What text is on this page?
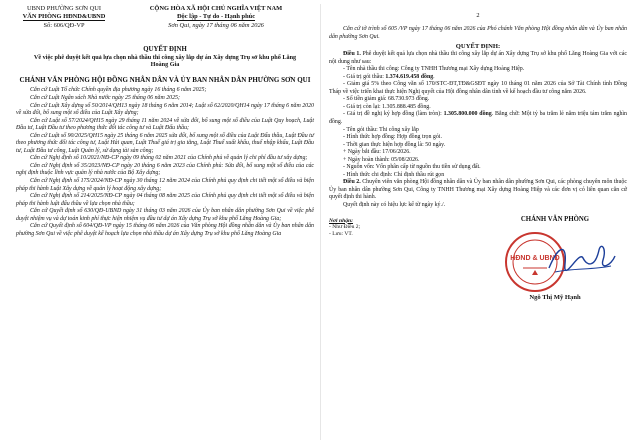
UBND PHƯỜNG SƠN QUI
VĂN PHÒNG HĐND&UBND
Số: 606/QĐ-VP
CỘNG HÒA XÃ HỘI CHỦ NGHĨA VIỆT NAM
Độc lập - Tự do - Hạnh phúc
Sơn Qui, ngày 17 tháng 06 năm 2026
QUYẾT ĐỊNH
Về việc phê duyệt kết quả lựa chọn nhà thầu thi công xây lắp dự án Xây dựng Trụ sở khu phố Lăng Hoàng Gia
CHÁNH VĂN PHÒNG HỘI ĐỒNG NHÂN DÂN VÀ ỦY BAN NHÂN DÂN PHƯỜNG SƠN QUI

Căn cứ Luật Tổ chức Chính quyền địa phương ngày 16 tháng 6 năm 2025;

Căn cứ Luật Ngân sách Nhà nước ngày 25 tháng 06 năm 2025;

Căn cứ Luật Xây dựng số 50/2014/QH13 ngày 18 tháng 6 năm 2014; Luật số 62/2020/QH14 ngày 17 tháng 6 năm 2020 về sửa đổi, bổ sung một số điều của Luật Xây dựng;

Căn cứ Luật số 57/2024/QH15 ngày 29 tháng 11 năm 2024 về sửa đổi, bổ sung một số điều của Luật Quy hoạch, Luật Đầu tư, Luật Đầu tư theo phương thức đối tác công tư và Luật Đấu thầu;

Căn cứ Luật số 90/2025/QH15 ngày 25 tháng 6 năm 2025 sửa đổi, bổ sung một số điều của Luật Đấu thầu, Luật Đầu tư theo phương thức đối tác công tư, Luật Hải quan, Luật Thuế giá trị gia tăng, Luật Thuế xuất khẩu, thuế nhập khẩu, Luật Đầu tư, Luật Đầu tư công, Luật Quản lý, sử dụng tài sản công;

Căn cứ Nghị định số 10/2021/NĐ-CP ngày 09 tháng 02 năm 2021 của Chính phủ về quản lý chi phí đầu tư xây dựng;

Căn cứ Nghị định số 35/2023/NĐ-CP ngày 20 tháng 6 năm 2023 của Chính phủ: Sửa đổi, bổ sung một số điều của các nghị định thuộc lĩnh vực quản lý nhà nước của Bộ Xây dựng;

Căn cứ Nghị định số 175/2024/NĐ-CP ngày 30 tháng 12 năm 2024 của Chính phủ quy định chi tiết một số điều và biện pháp thi hành Luật Xây dựng về quản lý hoạt động xây dựng;

Căn cứ Nghị định số 214/2025/NĐ-CP ngày 04 tháng 08 năm 2025 của Chính phủ quy định chi tiết một số điều và biện pháp thi hành luật đấu thầu về lựa chọn nhà thầu;

Căn cứ Quyết định số 630/QĐ-UBND ngày 31 tháng 03 năm 2026 của Ủy ban nhân dân phường Sơn Qui về việc phê duyệt nhiệm vụ và dự toán kinh phí thực hiện nhiệm vụ đầu tư dự án Xây dựng Trụ sở khu phố Lăng Hoàng Gia;

Căn cứ Quyết định số 604/QĐ-VP ngày 15 tháng 06 năm 2026 của Văn phòng Hội đồng nhân dân và Ủy ban nhân dân phường Sơn Qui về việc phê duyệt kế hoạch lựa chọn nhà thầu dự án Xây dựng Trụ sở khu phố Lăng Hoàng Gia

2

Căn cứ tờ trình số 605 /VP ngày 17 tháng 06 năm 2026 của Phó chánh Văn phòng Hội đồng nhân dân và Ủy ban nhân dân phường Sơn Qui.

QUYẾT ĐỊNH:

Điều 1. Phê duyệt kết quả lựa chọn nhà thầu thi công xây lắp dự án Xây dựng Trụ sở khu phố Lăng Hoàng Gia với các nội dung như sau:

- Tên nhà thầu thi công: Công ty TNHH Thương mại Xây dựng Hoàng Hiệp.

- Giá trị gói thầu: 1.374.619.458 đồng.

- Giảm giá 5% theo Công văn số 170/STC-ĐT,TĐ&GSĐT ngày 10 tháng 01 năm 2026 của Sở Tài Chính tỉnh Đồng Tháp về việc triển khai thực hiện Nghị quyết của Hội đồng nhân dân tỉnh về kế hoạch đầu tư công năm 2026.

- Số tiền giảm giá: 68.730.973 đồng.

- Giá trị còn lại: 1.305.888.485 đồng.

- Giá trị đề nghị ký hợp đồng (làm tròn): 1.305.800.000 đồng. Bằng chữ: Một tỷ ba trăm lẻ năm triệu tám trăm nghìn đồng.

- Tên gói thầu: Thi công xây lắp

- Hình thức hợp đồng: Hợp đồng trọn gói.

- Thời gian thực hiện hợp đồng là: 50 ngày.

+ Ngày bắt đầu: 17/06/2026.

+ Ngày hoàn thành: 05/08/2026.

- Nguồn vốn: Vốn phân cấp từ nguồn thu tiền sử dụng đất.

- Hình thức chi định: Chỉ định thầu rút gọn

Điều 2. Chuyên viên văn phòng Hội đồng nhân dân và Ủy ban nhân dân phường Sơn Qui, các phòng chuyên môn thuộc Ủy ban nhân dân phường Sơn Qui, Công ty TNHH Thương mại Xây dựng Hoàng Hiệp và các đơn vị có liên quan căn cứ quyết định thi hành.

Quyết định này có hiệu lực kể từ ngày ký./.

Nơi nhận:
- Như Điều 2;
- Lưu: VT.
CHÁNH VĂN PHÒNG
HĐND & UBND
Ngô Thị Mỹ Hạnh
